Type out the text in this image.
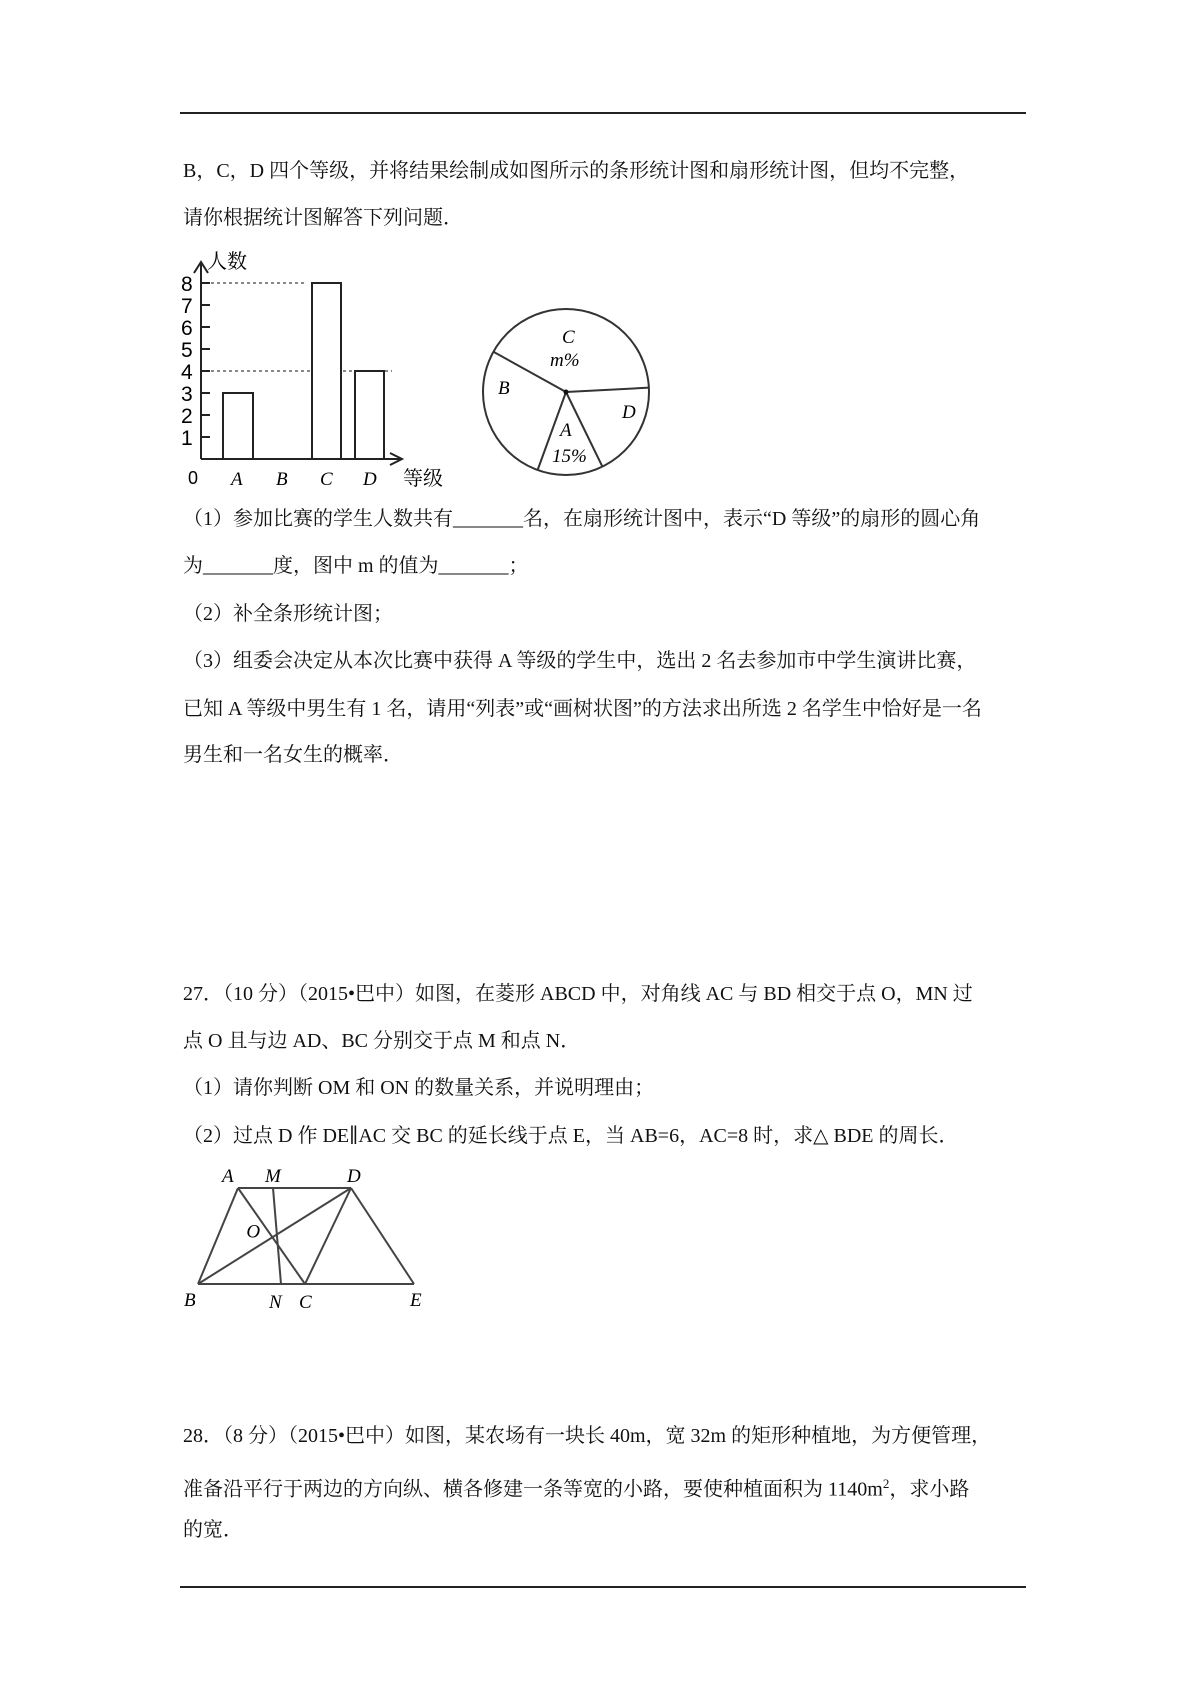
B，C，D 四个等级，并将结果绘制成如图所示的条形统计图和扇形统计图，但均不完整，
请你根据统计图解答下列问题．
人数
等级
0
1
2
3
4
5
6
7
8
A B C D
A
15%
B
C
m%
D
A M	D
O
B	N C	E
（1）参加比赛的学生人数共有_______名，在扇形统计图中，表示“D 等级”的扇形的圆心角
为_______度，图中 m 的值为_______；
（2）补全条形统计图；
（3）组委会决定从本次比赛中获得 A 等级的学生中，选出 2 名去参加市中学生演讲比赛，
已知 A 等级中男生有 1 名，请用“列表”或“画树状图”的方法求出所选 2 名学生中恰好是一名
男生和一名女生的概率．
27．（10 分）（2015•巴中）如图，在菱形 ABCD 中，对角线 AC 与 BD 相交于点 O，MN 过
点 O 且与边 AD、BC 分别交于点 M 和点 N．
（1）请你判断 OM 和 ON 的数量关系，并说明理由；
（2）过点 D 作 DE∥AC 交 BC 的延长线于点 E，当 AB=6，AC=8 时，求△ BDE 的周长．
28．（8 分）（2015•巴中）如图，某农场有一块长 40m，宽 32m 的矩形种植地，为方便管理，
准备沿平行于两边的方向纵、横各修建一条等宽的小路，要使种植面积为 $1140m^2$，求小路
的宽．
